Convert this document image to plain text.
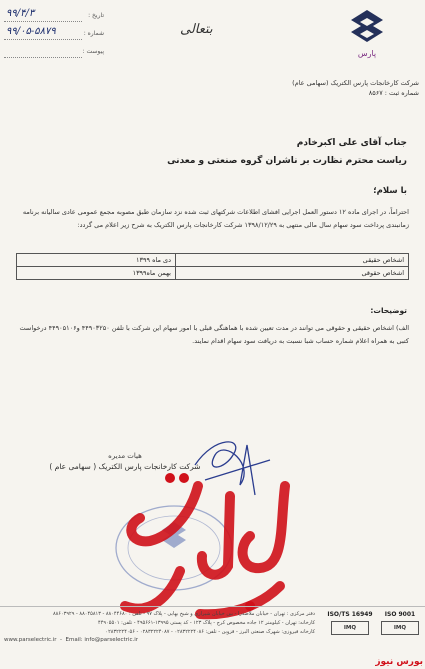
پارس
شرکت کارخانجات پارس الکتریک (سهامی عام)
شماره ثبت : ۸۵۶۷
بتعالی
تاریخ :
۹۹/۴/۳
شماره :
۹۹/۰۵-۵۸۷۹
پیوست :
جناب آقای علی اکبرخادم
ریاست محترم نظارت بر ناشران گروه صنعتی و معدنی
با سلام؛
احتراماً، در اجرای ماده ۱۲ دستور العمل اجرایی افشای اطلاعات شرکتهای ثبت شده نزد سازمان طبق مصوبه مجمع عمومی عادی سالیانه برنامه زمانبندی پرداخت سود سهام سال مالی منتهی به ۱۳۹۸/۱۲/۲۹ شرکت کارخانجات پارس الکتریک به شرح زیر اعلام می گردد:
اشخاص حقیقی	دی ماه ۱۳۹۹
اشخاص حقوقی	بهمن ماه۱۳۹۹
توضیحات:
الف) اشخاص حقیقی و حقوقی می توانند در مدت تعیین شده با هماهنگی قبلی با امور سهام این شرکت با تلفن ۴۴۹۰۳۲۵۰ و۴۴۹۰۵۱۰۶ درخواست کتبی به همراه اعلام شماره حساب شبا نسبت به دریافت سود سهام اقدام نمایند.
هیات مدیره
شرکت کارخانجات پارس الکتریک ( سهامی عام )
دفتر مرکزی : تهران - خیابان ملاصدرا - بین خیابان شیرازی و شیخ بهایی - پلاک ۹۷ - تلفن : ۸۸۰۴۴۶۸۰ - ۸۸۰۴۵۸۱۳ - ۸۸۶۰۳۹۲۹
کارخانه: تهران - کیلومتر ۱۲ جاده مخصوص کرج - پلاک ۱۲۳ - کد پستی ۱۳۹۹۵-۴۹۵۶۶۱ - تلفن: ۴۴۹۰۵۵۰۱
کارخانه فیروزی: شهرک صنعتی البرز - قزوین - تلفن: ۰۲۸۳۲۲۲۴۰۸۶ - ۰۲۸۳۲۲۲۴۰۸۷ - ۰۲۸۳۲۲۲۴۰۵۶
www.parselectric.ir  -  Email: info@parselectric.ir
ISO 9001
IMQ
ISO/TS 16949
IMQ
بورس نیوز
